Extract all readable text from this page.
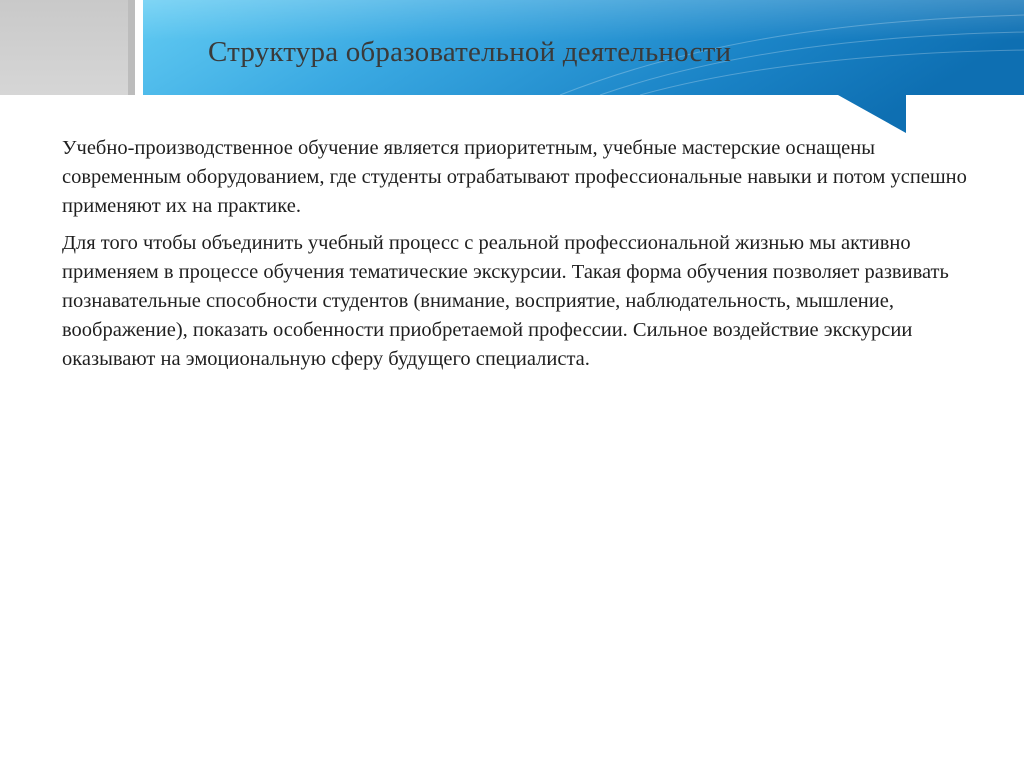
Структура образовательной деятельности

Учебно-производственное обучение является приоритетным, учебные мастерские оснащены современным оборудованием, где студенты отрабатывают профессиональные навыки и потом успешно применяют их на практике.

Для того чтобы объединить учебный процесс с реальной профессиональной жизнью мы активно применяем в процессе обучения тематические экскурсии. Такая форма обучения позволяет развивать познавательные способности студентов (внимание, восприятие, наблюдательность, мышление, воображение), показать особенности приобретаемой профессии. Сильное воздействие экскурсии оказывают на эмоциональную сферу будущего специалиста.
